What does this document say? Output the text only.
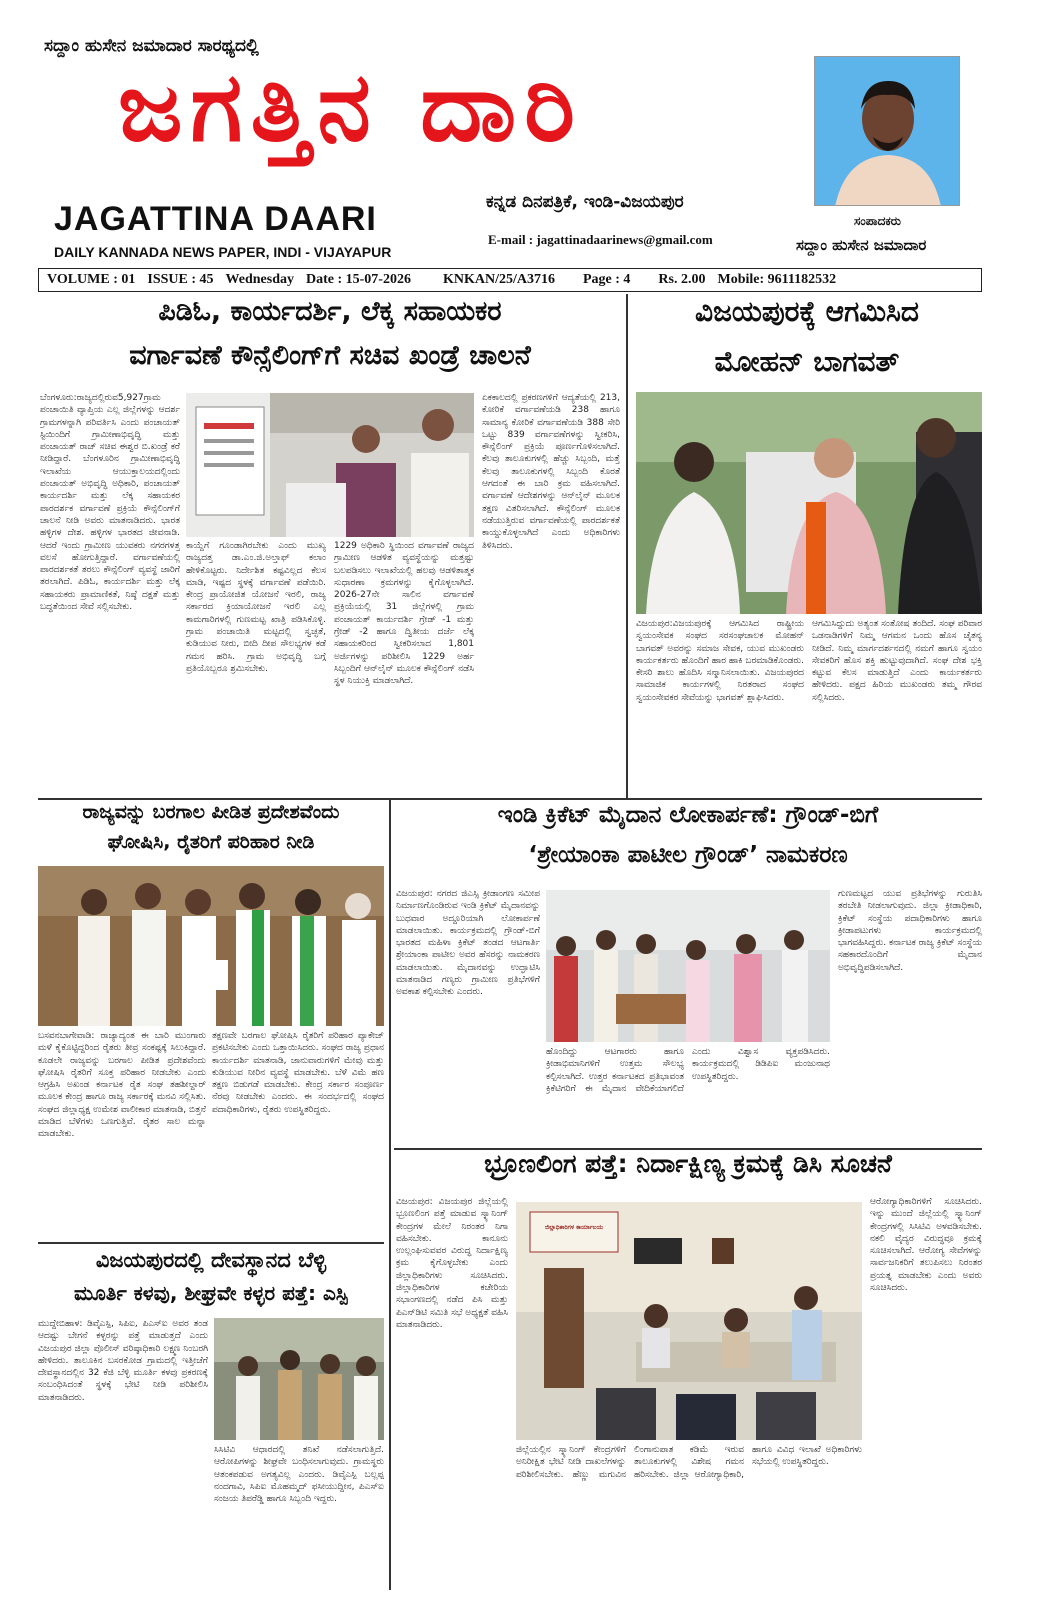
ಸದ್ದಾಂ ಹುಸೇನ ಜಮಾದಾರ ಸಾರಥ್ಯದಲ್ಲಿ
ಜಗತ್ತಿನ ದಾರಿ
JAGATTINA DAARI
DAILY KANNADA NEWS PAPER, INDI - VIJAYAPUR
ಕನ್ನಡ ದಿನಪತ್ರಿಕೆ, ಇಂಡಿ-ವಿಜಯಪುರ
E-mail : jagattinadaarinews@gmail.com
ಸಂಪಾದಕರು
ಸದ್ದಾಂ ಹುಸೇನ ಜಮಾದಾರ
VOLUME : 01 ISSUE : 45 Wednesday Date : 15-07-2026 KNKAN/25/A3716 Page : 4 Rs. 2.00 Mobile: 9611182532
ಪಿಡಿಓ, ಕಾರ್ಯದರ್ಶಿ, ಲೆಕ್ಕ ಸಹಾಯಕರ
ವರ್ಗಾವಣೆ ಕೌನ್ಸೆಲಿಂಗ್‌ಗೆ ಸಚಿವ ಖಂಡ್ರೆ ಚಾಲನೆ
ಬೆಂಗಳೂರು:ರಾಜ್ಯದಲ್ಲಿರುವ5,927ಗ್ರಾಮ ಪಂಚಾಯಿತಿ ವ್ಯಾಪ್ತಿಯ ಎಲ್ಲ ಜಿಲ್ಲೆಗಳನ್ನು ಆದರ್ಶ ಗ್ರಾಮಗಳನ್ನಾಗಿ ಪರಿವರ್ತಿಸಿ ಎಂದು ಪಂಚಾಯತ್ ಸ್ಟಿಯಿಂದಿಗೆ ಗ್ರಾಮೀಣಾಭಿವೃದ್ಧಿ ಮತ್ತು ಪಂಚಾಯತ್ ರಾಜ್ ಸಚಿವ ಈಶ್ವರ ಬಿ.ಖಂಡ್ರೆ ಕರೆ ನೀಡಿದ್ದಾರೆ. ಬೆಂಗಳೂರಿನ ಗ್ರಾಮೀಣಾಭಿವೃದ್ಧಿ ಇಲಾಖೆಯ ಆಯುಕ್ತಾಲಯದಲ್ಲಿಂದು ಪಂಚಾಯತ್ ಅಭಿವೃದ್ಧಿ ಅಧಿಕಾರಿ, ಪಂಚಾಯತ್ ಕಾರ್ಯದರ್ಶಿ ಮತ್ತು ಲೆಕ್ಕ ಸಹಾಯಕರ ಪಾರದರ್ಶಕ ವರ್ಗಾವಣೆ ಪ್ರಕ್ರಿಯೆ ಕೌನ್ಸೆಲಿಂಗ್‌ಗೆ ಚಾಲನೆ ನೀಡಿ ಅವರು ಮಾತನಾಡಿದರು. ಭಾರತ ಹಳ್ಳಿಗಳ ದೇಶ. ಹಳ್ಳಿಗಳ ಭಾರತದ ಜೀವನಾಡಿ. ಆದರೆ ಇಂದು ಗ್ರಾಮೀಣ ಯುವಕರು ನಗರಗಳತ್ತ ವಲಸೆ ಹೋಗುತ್ತಿದ್ದಾರೆ. ವರ್ಗಾವಣೆಯಲ್ಲಿ ಪಾರದರ್ಶಕತೆ ತರಲು ಕೌನ್ಸೆಲಿಂಗ್ ವ್ಯವಸ್ಥೆ ಜಾರಿಗೆ ತರಲಾಗಿದೆ. ಪಿಡಿಓ, ಕಾರ್ಯದರ್ಶಿ ಮತ್ತು ಲೆಕ್ಕ ಸಹಾಯಕರು ಪ್ರಾಮಾಣಿಕತೆ, ನಿಷ್ಠೆ ದಕ್ಷತೆ ಮತ್ತು ಬದ್ಧತೆಯಿಂದ ಸೇವೆ ಸಲ್ಲಿಸಬೇಕು.
ಕಾಯ್ದೆಗೆ ಗೂಂಡಾಗಿರಬೇಕು ಎಂದು ಮುಖ್ಯ ರಾಜ್ಯದತ್ತ ಡಾ.ಎಂ.ಜಿ.ಅಲ್ತಾಫ್ ಕಲಾಂ ಹೇಳಿಕೊಟ್ಟರು. ನಿರ್ದೇಶಿತ ಕಷ್ಟವಿಲ್ಲದ ಕೆಲಸ ಮಾಡಿ, ಇಷ್ಟದ ಸ್ಥಳಕ್ಕೆ ವರ್ಗಾವಣೆ ಪಡೆಯಿರಿ. ಕೇಂದ್ರ ಪ್ರಾಯೋಜಿತ ಯೋಜನೆ ಇರಲಿ, ರಾಜ್ಯ ಸರ್ಕಾರದ ಕ್ರಿಯಾಯೋಜನೆ ಇರಲಿ ಎಲ್ಲ ಕಾಮಗಾರಿಗಳಲ್ಲಿ ಗುಣಮಟ್ಟ ಖಾತ್ರಿ ಪಡಿಸಿಕೊಳ್ಳಿ. ಗ್ರಾಮ ಪಂಚಾಯಿತಿ ಮಟ್ಟದಲ್ಲಿ ಸ್ವಚ್ಛತೆ, ಕುಡಿಯುವ ನೀರು, ಬೀದಿ ದೀಪ ಸೌಲಭ್ಯಗಳ ಕಡೆ ಗಮನ ಹರಿಸಿ. ಗ್ರಾಮ ಅಭಿವೃದ್ಧಿ ಬಗ್ಗೆ ಪ್ರತಿಯೊಬ್ಬರೂ ಶ್ರಮಿಸಬೇಕು.
1229 ಅಧಿಕಾರಿ ಸ್ಥಿಯಿಂದ ವರ್ಗಾವಣೆ ರಾಜ್ಯದ ಗ್ರಾಮೀಣ ಆಡಳಿತ ವ್ಯವಸ್ಥೆಯನ್ನು ಮತ್ತಷ್ಟು ಬಲಪಡಿಸಲು ಇಲಾಖೆಯಲ್ಲಿ ಹಲವು ಆಡಳಿತಾತ್ಮಕ ಸುಧಾರಣಾ ಕ್ರಮಗಳನ್ನು ಕೈಗೊಳ್ಳಲಾಗಿದೆ. 2026-27ನೇ ಸಾಲಿನ ವರ್ಗಾವಣೆ ಪ್ರಕ್ರಿಯೆಯಲ್ಲಿ 31 ಜಿಲ್ಲೆಗಳಲ್ಲಿ ಗ್ರಾಮ ಪಂಚಾಯತ್ ಕಾರ್ಯದರ್ಶಿ ಗ್ರೇಡ್ -1 ಮತ್ತು ಗ್ರೇಡ್ -2 ಹಾಗೂ ದ್ವಿತೀಯ ದರ್ಜೆ ಲೆಕ್ಕ ಸಹಾಯಕರಿಂದ ಸ್ವೀಕರಿಸಲಾದ 1,801 ಅರ್ಜಿಗಳನ್ನು ಪರಿಶೀಲಿಸಿ 1229 ಅರ್ಹ ಸಿಬ್ಬಂದಿಗೆ ಆನ್‌ಲೈನ್ ಮೂಲಕ ಕೌನ್ಸೆಲಿಂಗ್ ನಡೆಸಿ ಸ್ಥಳ ನಿಯುಕ್ತಿ ಮಾಡಲಾಗಿದೆ.
ಏಕಕಾಲದಲ್ಲಿ ಪ್ರಕರಣಗಳಿಗೆ ಆದ್ಯತೆಯಲ್ಲಿ 213, ಕೋರಿಕೆ ವರ್ಗಾವಣೆಯಡಿ 238 ಹಾಗೂ ಸಾಮಾನ್ಯ ಕೋರಿಕೆ ವರ್ಗಾವಣೆಯಡಿ 388 ಸೇರಿ ಒಟ್ಟು 839 ವರ್ಗಾವಣೆಗಳನ್ನು ಸ್ವೀಕರಿಸಿ, ಕೌನ್ಸೆಲಿಂಗ್ ಪ್ರಕ್ರಿಯೆ ಪೂರ್ಣಗೊಳಿಸಲಾಗಿದೆ. ಕೆಲವು ತಾಲೂಕುಗಳಲ್ಲಿ ಹೆಚ್ಚು ಸಿಬ್ಬಂದಿ, ಮತ್ತೆ ಕೆಲವು ತಾಲೂಕುಗಳಲ್ಲಿ ಸಿಬ್ಬಂದಿ ಕೊರತೆ ಆಗದಂತೆ ಈ ಬಾರಿ ಕ್ರಮ ವಹಿಸಲಾಗಿದೆ. ವರ್ಗಾವಣೆ ಆದೇಶಗಳನ್ನು ಆನ್‌ಲೈನ್ ಮೂಲಕ ತಕ್ಷಣ ವಿತರಿಸಲಾಗಿದೆ. ಕೌನ್ಸೆಲಿಂಗ್ ಮೂಲಕ ನಡೆಯುತ್ತಿರುವ ವರ್ಗಾವಣೆಯಲ್ಲಿ ಪಾರದರ್ಶಕತೆ ಕಾಯ್ದುಕೊಳ್ಳಲಾಗಿದೆ ಎಂದು ಅಧಿಕಾರಿಗಳು ತಿಳಿಸಿದರು.
ವಿಜಯಪುರಕ್ಕೆ ಆಗಮಿಸಿದ
ಮೋಹನ್ ಬಾಗವತ್
ವಿಜಯಪುರ:ವಿಜಯಪುರಕ್ಕೆ ಆಗಮಿಸಿದ ರಾಷ್ಟ್ರೀಯ ಸ್ವಯಂಸೇವಕ ಸಂಘದ ಸರಸಂಘಚಾಲಕ ಮೋಹನ್ ಬಾಗವತ್ ಅವರನ್ನು ಸಮಾಜ ಸೇವಕ, ಯುವ ಮುಖಂಡರು ಕಾರ್ಯಕರ್ತರು ಹೊಂದಿಗೆ ಹಾರ ಹಾಕಿ ಬರಮಾಡಿಕೊಂಡರು. ಕೇಸರಿ ಶಾಲು ಹೊದಿಸಿ ಸನ್ಮಾನಿಸಲಾಯಿತು. ವಿಜಯಪುರದ ಸಾಮಾಜಿಕ ಕಾರ್ಯಗಳಲ್ಲಿ ನಿರತರಾದ ಸಂಘದ ಸ್ವಯಂಸೇವಕರ ಸೇವೆಯನ್ನು ಭಾಗವತ್ ಶ್ಲಾಘಿಸಿದರು.
ಆಗಮಿಸಿದ್ದುದು ಅತ್ಯಂತ ಸಂತೋಷ ತಂದಿದೆ. ಸಂಘ ಪರಿವಾರ ಒಡನಾಡಿಗಳಿಗೆ ನಿಮ್ಮ ಆಗಮನ ಒಂದು ಹೊಸ ಚೈತನ್ಯ ನೀಡಿದೆ. ನಿಮ್ಮ ಮಾರ್ಗದರ್ಶನದಲ್ಲಿ ನಮಗೆ ಹಾಗೂ ಸ್ವಯಂ ಸೇವಕರಿಗೆ ಹೊಸ ಶಕ್ತಿ ಹುಟ್ಟುವುದಾಗಿದೆ. ಸಂಘ ದೇಶ ಭಕ್ತಿ ಕಟ್ಟುವ ಕೆಲಸ ಮಾಡುತ್ತಿದೆ ಎಂದು ಕಾರ್ಯಕರ್ತರು ಹೇಳಿದರು. ಪಕ್ಷದ ಹಿರಿಯ ಮುಖಂಡರು ತಮ್ಮ ಗೌರವ ಸಲ್ಲಿಸಿದರು.
ರಾಜ್ಯವನ್ನು ಬರಗಾಲ ಪೀಡಿತ ಪ್ರದೇಶವೆಂದು
ಘೋಷಿಸಿ, ರೈತರಿಗೆ ಪರಿಹಾರ ನೀಡಿ
ಬಸವನಬಾಗೇವಾಡಿ: ರಾಜ್ಯಾದ್ಯಂತ ಈ ಬಾರಿ ಮುಂಗಾರು ಮಳೆ ಕೈಕೊಟ್ಟಿದ್ದರಿಂದ ರೈತರು ತೀವ್ರ ಸಂಕಷ್ಟಕ್ಕೆ ಸಿಲುಕಿದ್ದಾರೆ. ಕೂಡಲೇ ರಾಜ್ಯವನ್ನು ಬರಗಾಲ ಪೀಡಿತ ಪ್ರದೇಶವೆಂದು ಘೋಷಿಸಿ ರೈತರಿಗೆ ಸೂಕ್ತ ಪರಿಹಾರ ನೀಡಬೇಕು ಎಂದು ಆಗ್ರಹಿಸಿ ಅಖಂಡ ಕರ್ನಾಟಕ ರೈತ ಸಂಘ ತಹಶೀಲ್ದಾರ್ ಮೂಲಕ ಕೇಂದ್ರ ಹಾಗೂ ರಾಜ್ಯ ಸರ್ಕಾರಕ್ಕೆ ಮನವಿ ಸಲ್ಲಿಸಿತು. ಸಂಘದ ಜಿಲ್ಲಾಧ್ಯಕ್ಷ ಉಮೇಶ ವಾಲೀಕಾರ ಮಾತನಾಡಿ, ಬಿತ್ತನೆ ಮಾಡಿದ ಬೆಳೆಗಳು ಒಣಗುತ್ತಿವೆ. ರೈತರ ಸಾಲ ಮನ್ನಾ ಮಾಡಬೇಕು.
ತಕ್ಷಣವೇ ಬರಗಾಲ ಘೋಷಿಸಿ ರೈತರಿಗೆ ಪರಿಹಾರ ಪ್ಯಾಕೇಜ್ ಪ್ರಕಟಿಸಬೇಕು ಎಂದು ಒತ್ತಾಯಿಸಿದರು. ಸಂಘದ ರಾಜ್ಯ ಪ್ರಧಾನ ಕಾರ್ಯದರ್ಶಿ ಮಾತನಾಡಿ, ಜಾನುವಾರುಗಳಿಗೆ ಮೇವು ಮತ್ತು ಕುಡಿಯುವ ನೀರಿನ ವ್ಯವಸ್ಥೆ ಮಾಡಬೇಕು. ಬೆಳೆ ವಿಮೆ ಹಣ ತಕ್ಷಣ ಬಿಡುಗಡೆ ಮಾಡಬೇಕು. ಕೇಂದ್ರ ಸರ್ಕಾರ ಸಂಪೂರ್ಣ ನೆರವು ನೀಡಬೇಕು ಎಂದರು. ಈ ಸಂದರ್ಭದಲ್ಲಿ ಸಂಘದ ಪದಾಧಿಕಾರಿಗಳು, ರೈತರು ಉಪಸ್ಥಿತರಿದ್ದರು.
ವಿಜಯಪುರದಲ್ಲಿ ದೇವಸ್ಥಾನದ ಬೆಳ್ಳಿ
ಮೂರ್ತಿ ಕಳವು, ಶೀಘ್ರವೇ ಕಳ್ಳರ ಪತ್ತೆ: ಎಸ್ಪಿ
ಮುದ್ದೇಬಿಹಾಳ: ಡಿವೈಎಸ್ಪಿ, ಸಿಪಿಐ, ಪಿಎಸ್‌ಐ ಅವರ ತಂಡ ಆದಷ್ಟು ಬೇಗನೆ ಕಳ್ಳರನ್ನು ಪತ್ತೆ ಮಾಡುತ್ತದೆ ಎಂದು ವಿಜಯಪುರ ಜಿಲ್ಲಾ ಪೊಲೀಸ್ ವರಿಷ್ಠಾಧಿಕಾರಿ ಲಕ್ಷ್ಮಣ ನಿಂಬರಗಿ ಹೇಳಿದರು. ತಾಲೂಕಿನ ಬಸರಕೋಡ ಗ್ರಾಮದಲ್ಲಿ ಇತ್ತೀಚೆಗೆ ದೇವಸ್ಥಾನದಲ್ಲಿನ 32 ಕೆಜಿ ಬೆಳ್ಳಿ ಮೂರ್ತಿ ಕಳವು ಪ್ರಕರಣಕ್ಕೆ ಸಂಬಂಧಿಸಿದಂತೆ ಸ್ಥಳಕ್ಕೆ ಭೇಟಿ ನೀಡಿ ಪರಿಶೀಲಿಸಿ ಮಾತನಾಡಿದರು.
ಸಿಸಿಟಿವಿ ಆಧಾರದಲ್ಲಿ ತನಿಖೆ ನಡೆಸಲಾಗುತ್ತಿದೆ. ಆರೋಪಿಗಳನ್ನು ಶೀಘ್ರವೇ ಬಂಧಿಸಲಾಗುವುದು. ಗ್ರಾಮಸ್ಥರು ಆತಂಕಪಡುವ ಅಗತ್ಯವಿಲ್ಲ ಎಂದರು. ಡಿವೈಎಸ್ಪಿ ಬಲ್ಲಪ್ಪ ನಂದಗಾವಿ, ಸಿಪಿಐ ಮೊಹಮ್ಮದ್ ಫಸೀಯುದ್ದೀನ, ಪಿಎಸ್‌ಐ ಸಂಜಯ ತಿಪರೆಡ್ಡಿ ಹಾಗೂ ಸಿಬ್ಬಂದಿ ಇದ್ದರು.
ಇಂಡಿ ಕ್ರಿಕೆಟ್ ಮೈದಾನ ಲೋಕಾರ್ಪಣೆ: ಗ್ರೌಂಡ್-ಬಿಗೆ
‘ಶ್ರೇಯಾಂಕಾ ಪಾಟೀಲ ಗ್ರೌಂಡ್’ ನಾಮಕರಣ
ವಿಜಯಪುರ: ನಗರದ ಜಿಎಸ್ಸಿ ಕ್ರೀಡಾಂಗಣ ಸಮೀಪ ನಿರ್ಮಾಣಗೊಂಡಿರುವ ಇಂಡಿ ಕ್ರಿಕೆಟ್ ಮೈದಾನವನ್ನು ಬುಧವಾರ ಅದ್ದೂರಿಯಾಗಿ ಲೋಕಾರ್ಪಣೆ ಮಾಡಲಾಯಿತು. ಕಾರ್ಯಕ್ರಮದಲ್ಲಿ ಗ್ರೌಂಡ್-ಬಿಗೆ ಭಾರತದ ಮಹಿಳಾ ಕ್ರಿಕೆಟ್ ತಂಡದ ಆಟಗಾರ್ತಿ ಶ್ರೇಯಾಂಕಾ ಪಾಟೀಲ ಅವರ ಹೆಸರನ್ನು ನಾಮಕರಣ ಮಾಡಲಾಯಿತು. ಮೈದಾನವನ್ನು ಉದ್ಘಾಟಿಸಿ ಮಾತನಾಡಿದ ಗಣ್ಯರು ಗ್ರಾಮೀಣ ಪ್ರತಿಭೆಗಳಿಗೆ ಅವಕಾಶ ಕಲ್ಪಿಸಬೇಕು ಎಂದರು.
ಹೊಂದಿದ್ದು ಆಟಗಾರರು ಹಾಗೂ ಕ್ರೀಡಾಭಿಮಾನಿಗಳಿಗೆ ಉತ್ತಮ ಸೌಲಭ್ಯ ಕಲ್ಪಿಸಲಾಗಿದೆ. ಉತ್ತರ ಕರ್ನಾಟಕದ ಪ್ರತಿಭಾವಂತ ಕ್ರಿಕೆಟಿಗರಿಗೆ ಈ ಮೈದಾನ ವೇದಿಕೆಯಾಗಲಿದೆ ಎಂದು ವಿಶ್ವಾಸ ವ್ಯಕ್ತಪಡಿಸಿದರು. ಕಾರ್ಯಕ್ರಮದಲ್ಲಿ ಡಿಡಿಪಿಐ ಮಂಜುನಾಥ ಉಪಸ್ಥಿತರಿದ್ದರು.
ಗುಣಮಟ್ಟದ ಯುವ ಪ್ರತಿಭೆಗಳನ್ನು ಗುರುತಿಸಿ ತರಬೇತಿ ನೀಡಲಾಗುವುದು. ಜಿಲ್ಲಾ ಕ್ರೀಡಾಧಿಕಾರಿ, ಕ್ರಿಕೆಟ್ ಸಂಸ್ಥೆಯ ಪದಾಧಿಕಾರಿಗಳು ಹಾಗೂ ಕ್ರೀಡಾಪಟುಗಳು ಕಾರ್ಯಕ್ರಮದಲ್ಲಿ ಭಾಗವಹಿಸಿದ್ದರು. ಕರ್ನಾಟಕ ರಾಜ್ಯ ಕ್ರಿಕೆಟ್ ಸಂಸ್ಥೆಯ ಸಹಕಾರದೊಂದಿಗೆ ಮೈದಾನ ಅಭಿವೃದ್ಧಿಪಡಿಸಲಾಗಿದೆ.
ಭ್ರೂಣಲಿಂಗ ಪತ್ತೆ: ನಿರ್ದಾಕ್ಷಿಣ್ಯ ಕ್ರಮಕ್ಕೆ ಡಿಸಿ ಸೂಚನೆ
ವಿಜಯಪುರ: ವಿಜಯಪುರ ಜಿಲ್ಲೆಯಲ್ಲಿ ಭ್ರೂಣಲಿಂಗ ಪತ್ತೆ ಮಾಡುವ ಸ್ಕ್ಯಾನಿಂಗ್ ಕೇಂದ್ರಗಳ ಮೇಲೆ ನಿರಂತರ ನಿಗಾ ವಹಿಸಬೇಕು. ಕಾನೂನು ಉಲ್ಲಂಘಿಸುವವರ ವಿರುದ್ಧ ನಿರ್ದಾಕ್ಷಿಣ್ಯ ಕ್ರಮ ಕೈಗೊಳ್ಳಬೇಕು ಎಂದು ಜಿಲ್ಲಾಧಿಕಾರಿಗಳು ಸೂಚಿಸಿದರು. ಜಿಲ್ಲಾಧಿಕಾರಿಗಳ ಕಚೇರಿಯ ಸಭಾಂಗಣದಲ್ಲಿ ನಡೆದ ಪಿಸಿ ಮತ್ತು ಪಿಎನ್‌ಡಿಟಿ ಸಮಿತಿ ಸಭೆ ಅಧ್ಯಕ್ಷತೆ ವಹಿಸಿ ಮಾತನಾಡಿದರು.
ಜಿಲ್ಲಾಧಿಕಾರಿಗಳ ಕಾರ್ಯಾಲಯ
ಜಿಲ್ಲೆಯಲ್ಲಿನ ಸ್ಕ್ಯಾನಿಂಗ್ ಕೇಂದ್ರಗಳಿಗೆ ಅನಿರೀಕ್ಷಿತ ಭೇಟಿ ನೀಡಿ ದಾಖಲೆಗಳನ್ನು ಪರಿಶೀಲಿಸಬೇಕು. ಹೆಣ್ಣು ಮಗುವಿನ ಲಿಂಗಾನುಪಾತ ಕಡಿಮೆ ಇರುವ ತಾಲೂಕುಗಳಲ್ಲಿ ವಿಶೇಷ ಗಮನ ಹರಿಸಬೇಕು. ಜಿಲ್ಲಾ ಆರೋಗ್ಯಾಧಿಕಾರಿ, ಹಾಗೂ ವಿವಿಧ ಇಲಾಖೆ ಅಧಿಕಾರಿಗಳು ಸಭೆಯಲ್ಲಿ ಉಪಸ್ಥಿತರಿದ್ದರು.
ಆರೋಗ್ಯಾಧಿಕಾರಿಗಳಿಗೆ ಸೂಚಿಸಿದರು. ಇನ್ನು ಮುಂದೆ ಜಿಲ್ಲೆಯಲ್ಲಿ ಸ್ಕ್ಯಾನಿಂಗ್ ಕೇಂದ್ರಗಳಲ್ಲಿ ಸಿಸಿಟಿವಿ ಅಳವಡಿಸಬೇಕು. ನಕಲಿ ವೈದ್ಯರ ವಿರುದ್ಧವೂ ಕ್ರಮಕ್ಕೆ ಸೂಚಿಸಲಾಗಿದೆ. ಆರೋಗ್ಯ ಸೇವೆಗಳನ್ನು ಸಾರ್ವಜನಿಕರಿಗೆ ತಲುಪಿಸಲು ನಿರಂತರ ಪ್ರಯತ್ನ ಮಾಡಬೇಕು ಎಂದು ಅವರು ಸೂಚಿಸಿದರು.
